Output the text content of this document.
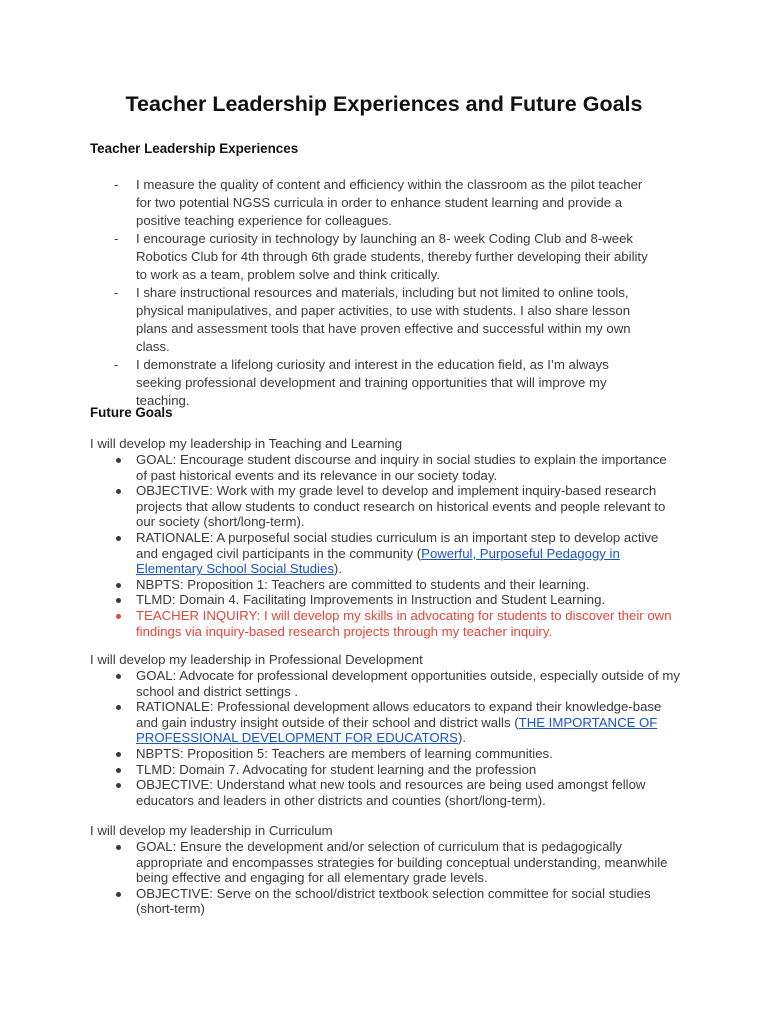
Teacher Leadership Experiences and Future Goals
Teacher Leadership Experiences
- I measure the quality of content and efficiency within the classroom as the pilot teacher for two potential NGSS curricula in order to enhance student learning and provide a positive teaching experience for colleagues.
- I encourage curiosity in technology by launching an 8- week Coding Club and 8-week Robotics Club for 4th through 6th grade students, thereby further developing their ability to work as a team, problem solve and think critically.
- I share instructional resources and materials, including but not limited to online tools, physical manipulatives, and paper activities, to use with students. I also share lesson plans and assessment tools that have proven effective and successful within my own class.
- I demonstrate a lifelong curiosity and interest in the education field, as I’m always seeking professional development and training opportunities that will improve my teaching.
Future Goals

I will develop my leadership in Teaching and Learning

GOAL: Encourage student discourse and inquiry in social studies to explain the importance of past historical events and its relevance in our society today.
OBJECTIVE: Work with my grade level to develop and implement inquiry-based research projects that allow students to conduct research on historical events and people relevant to our society (short/long-term).
RATIONALE: A purposeful social studies curriculum is an important step to develop active and engaged civil participants in the community (Powerful, Purposeful Pedagogy in Elementary School Social Studies).
NBPTS: Proposition 1: Teachers are committed to students and their learning.
TLMD: Domain 4. Facilitating Improvements in Instruction and Student Learning.
TEACHER INQUIRY: I will develop my skills in advocating for students to discover their own findings via inquiry-based research projects through my teacher inquiry.

I will develop my leadership in Professional Development

GOAL: Advocate for professional development opportunities outside, especially outside of my school and district settings .
RATIONALE: Professional development allows educators to expand their knowledge-base and gain industry insight outside of their school and district walls (THE IMPORTANCE OF PROFESSIONAL DEVELOPMENT FOR EDUCATORS).
NBPTS: Proposition 5: Teachers are members of learning communities.
TLMD: Domain 7. Advocating for student learning and the profession
OBJECTIVE: Understand what new tools and resources are being used amongst fellow educators and leaders in other districts and counties (short/long-term).

I will develop my leadership in Curriculum

GOAL: Ensure the development and/or selection of curriculum that is pedagogically appropriate and encompasses strategies for building conceptual understanding, meanwhile being effective and engaging for all elementary grade levels.
OBJECTIVE: Serve on the school/district textbook selection committee for social studies (short-term)
